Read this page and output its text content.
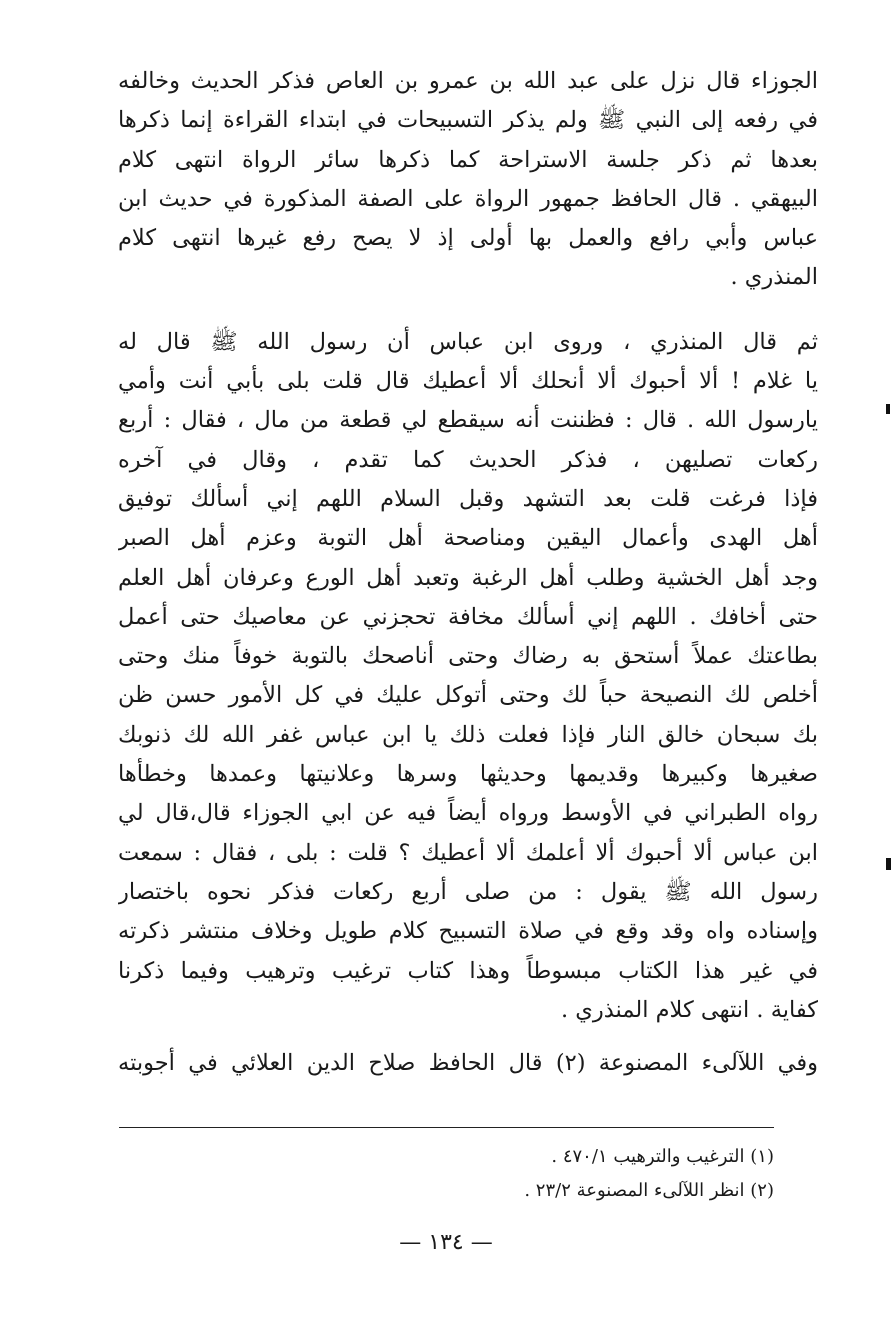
الجوزاء قال نزل على عبد الله بن عمرو بن العاص فذكر الحديث وخالفه
في رفعه إلى النبي ﷺ ولم يذكر التسبيحات في ابتداء القراءة إنما ذكرها
بعدها ثم ذكر جلسة الاستراحة كما ذكرها سائر الرواة انتهى كلام
البيهقي . قال الحافظ جمهور الرواة على الصفة المذكورة في حديث ابن
عباس وأبي رافع والعمل بها أولى إذ لا يصح رفع غيرها انتهى كلام
المنذري .

ثم قال المنذري ، وروى ابن عباس أن رسول الله ﷺ قال له
يا غلام ! ألا أحبوك ألا أنحلك ألا أعطيك قال قلت بلى بأبي أنت وأمي
يارسول الله . قال : فظننت أنه سيقطع لي قطعة من مال ، فقال : أربع
ركعات تصليهن ، فذكر الحديث كما تقدم ، وقال في آخره
فإذا فرغت قلت بعد التشهد وقبل السلام اللهم إني أسألك توفيق
أهل الهدى وأعمال اليقين ومناصحة أهل التوبة وعزم أهل الصبر
وجد أهل الخشية وطلب أهل الرغبة وتعبد أهل الورع وعرفان أهل العلم
حتى أخافك . اللهم إني أسألك مخافة تحجزني عن معاصيك حتى أعمل
بطاعتك عملاً أستحق به رضاك وحتى أناصحك بالتوبة خوفاً منك وحتى
أخلص لك النصيحة حباً لك وحتى أتوكل عليك في كل الأمور حسن ظن
بك سبحان خالق النار فإذا فعلت ذلك يا ابن عباس غفر الله لك ذنوبك
صغيرها وكبيرها وقديمها وحديثها وسرها وعلانيتها وعمدها وخطأها
رواه الطبراني في الأوسط ورواه أيضاً فيه عن ابي الجوزاء قال،قال لي
ابن عباس ألا أحبوك ألا أعلمك ألا أعطيك ؟ قلت : بلى ، فقال : سمعت
رسول الله ﷺ يقول : من صلى أربع ركعات فذكر نحوه باختصار
وإسناده واه وقد وقع في صلاة التسبيح كلام طويل وخلاف منتشر ذكرته
في غير هذا الكتاب مبسوطاً وهذا كتاب ترغيب وترهيب وفيما ذكرنا
كفاية . انتهى كلام المنذري .

وفي اللآلىء المصنوعة (٢) قال الحافظ صلاح الدين العلائي في أجوبته

(١) الترغيب والترهيب ٤٧٠/١ .
(٢) انظر اللآلىء المصنوعة ٢٣/٢ .
— ١٣٤ —
